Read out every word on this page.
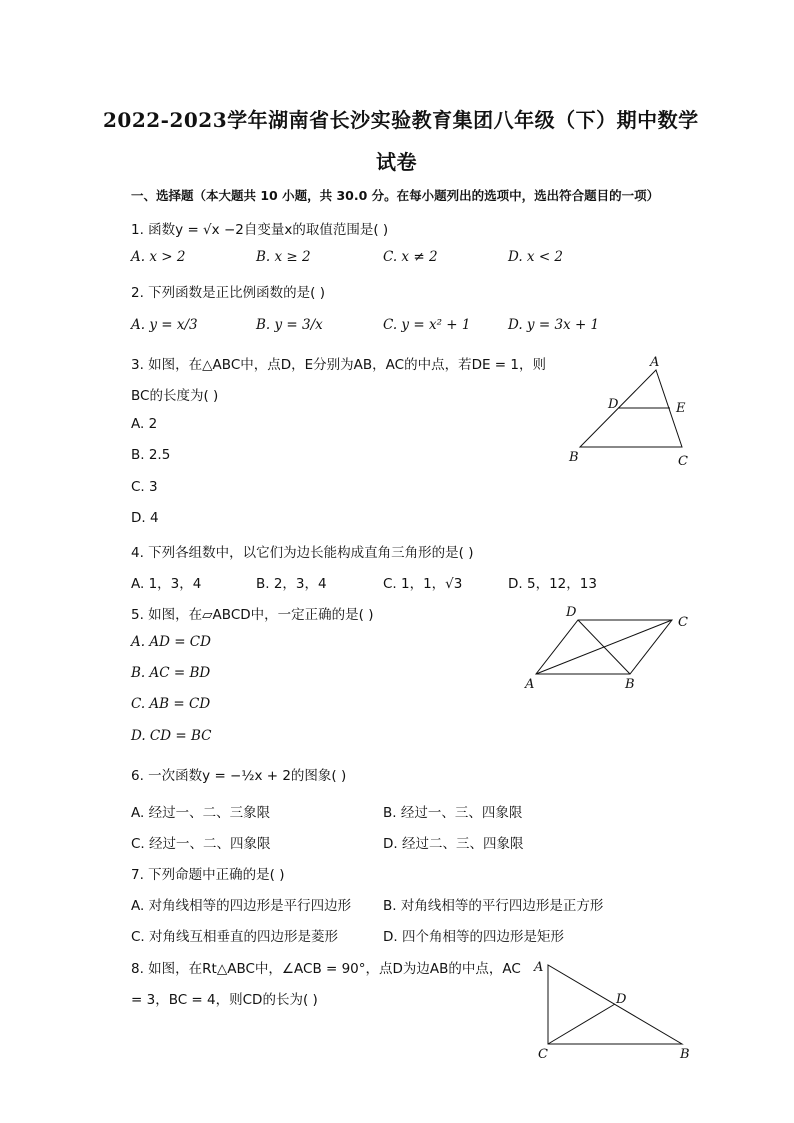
2022-2023学年湖南省长沙实验教育集团八年级（下）期中数学
试卷
一、选择题（本大题共 10 小题，共 30.0 分。在每小题列出的选项中，选出符合题目的一项）
1. 函数y = √x −2自变量x的取值范围是( )
A. x > 2	B. x ≥ 2	C. x ≠ 2	D. x < 2
2. 下列函数是正比例函数的是( )
A. y = x/3	B. y = 3/x	C. y = x² + 1	D. y = 3x + 1
3. 如图，在△ABC中，点D，E分别为AB，AC的中点，若DE = 1，则
BC的长度为( )
A. 2
B. 2.5
C. 3
D. 4
A
D	E
B	C
4. 下列各组数中，以它们为边长能构成直角三角形的是( )
A. 1，3，4	B. 2，3，4	C. 1，1，√3	D. 5，12，13
5. 如图，在▱ABCD中，一定正确的是( )
A. AD = CD
B. AC = BD
C. AB = CD
D. CD = BC
D
C
A	B
6. 一次函数y = −½x + 2的图象( )
A. 经过一、二、三象限	B. 经过一、三、四象限
C. 经过一、二、四象限	D. 经过二、三、四象限
7. 下列命题中正确的是( )
A. 对角线相等的四边形是平行四边形 B. 对角线相等的平行四边形是正方形
C. 对角线互相垂直的四边形是菱形	D. 四个角相等的四边形是矩形
8. 如图，在Rt△ABC中，∠ACB = 90°，点D为边AB的中点，AC
= 3，BC = 4，则CD的长为( )
A
D
C	B
